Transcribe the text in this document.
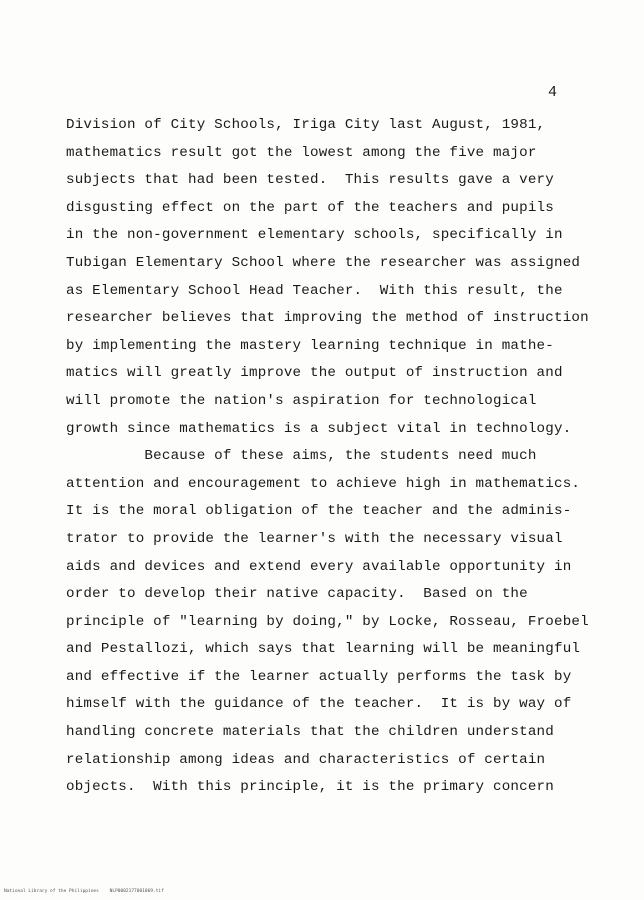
4
Division of City Schools, Iriga City last August, 1981,
mathematics result got the lowest among the five major
subjects that had been tested.  This results gave a very
disgusting effect on the part of the teachers and pupils
in the non-government elementary schools, specifically in
Tubigan Elementary School where the researcher was assigned
as Elementary School Head Teacher.  With this result, the
researcher believes that improving the method of instruction
by implementing the mastery learning technique in mathe-
matics will greatly improve the output of instruction and
will promote the nation's aspiration for technological
growth since mathematics is a subject vital in technology.
Because of these aims, the students need much
attention and encouragement to achieve high in mathematics.
It is the moral obligation of the teacher and the adminis-
trator to provide the learner's with the necessary visual
aids and devices and extend every available opportunity in
order to develop their native capacity.  Based on the
principle of "learning by doing," by Locke, Rosseau, Froebel
and Pestallozi, which says that learning will be meaningful
and effective if the learner actually performs the task by
himself with the guidance of the teacher.  It is by way of
handling concrete materials that the children understand
relationship among ideas and characteristics of certain
objects.  With this principle, it is the primary concern
National Library of the Philippines    NLP0002177001069.tif
